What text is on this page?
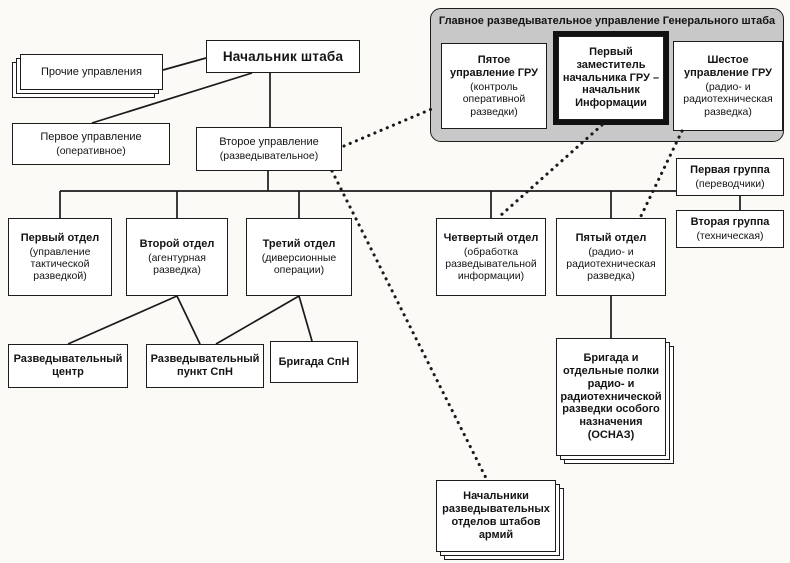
Главное разведывательное управление Генерального штаба
Пятое управление ГРУ
(контроль оперативной разведки)
Первый заместитель начальника ГРУ – начальник Информации
Шестое управление ГРУ
(радио- и радиотехническая разведка)
Начальник штаба
Прочие управления
Первое управление
(оперативное)
Второе управление
(разведывательное)
Первая группа
(переводчики)
Вторая группа
(техническая)
Первый отдел
(управление тактической разведкой)
Второй отдел
(агентурная разведка)
Третий отдел
(диверсионные операции)
Четвертый отдел
(обработка разведывательной информации)
Пятый отдел
(радио- и радиотехническая разведка)
Разведывательный центр
Разведывательный пункт СпН
Бригада СпН	Бригада и отдельные полки радио- и радиотехнической разведки особого назначения (ОСНАЗ)
Начальники разведывательных отделов штабов армий
